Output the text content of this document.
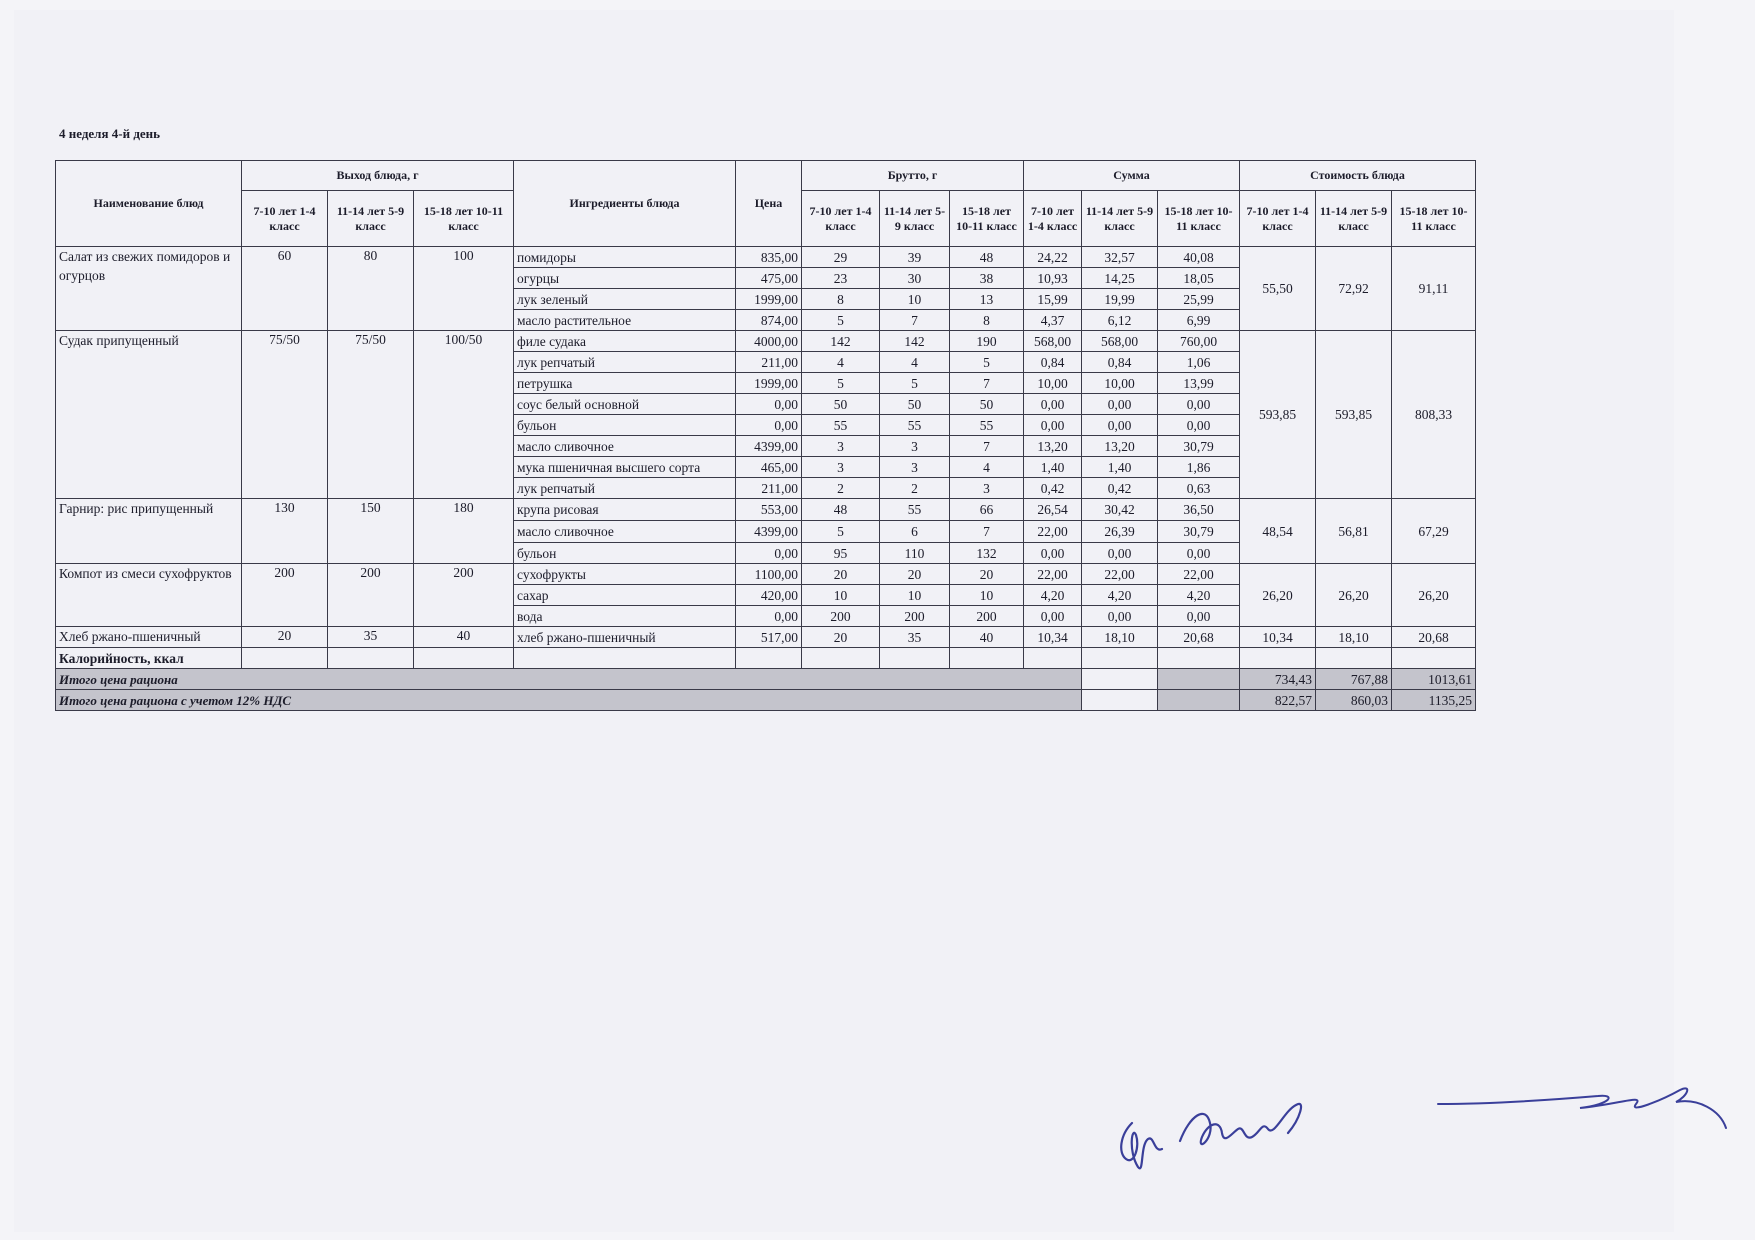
4 неделя 4-й день
Наименование блюд	Выход блюда, г			Ингредиенты блюда	Цена	Брутто, г			Сумма			Стоимость блюда		
	7-10 лет 1-4 класс	11-14 лет 5-9 класс	15-18 лет 10-11 класс			7-10 лет 1-4 класс	11-14 лет 5-9 класс	15-18 лет 10-11 класс	7-10 лет 1-4 класс	11-14 лет 5-9 класс	15-18 лет 10-11 класс	7-10 лет 1-4 класс	11-14 лет 5-9 класс	15-18 лет 10-11 класс
Салат из свежих помидоров и огурцов	60	80	100	помидоры	835,00	29	39	48	24,22	32,57	40,08	55,50	72,92	91,11
				огурцы	475,00	23	30	38	10,93	14,25	18,05			
				лук зеленый	1999,00	8	10	13	15,99	19,99	25,99			
				масло растительное	874,00	5	7	8	4,37	6,12	6,99			
Судак припущенный	75/50	75/50	100/50	филе судака	4000,00	142	142	190	568,00	568,00	760,00	593,85	593,85	808,33
				лук репчатый	211,00	4	4	5	0,84	0,84	1,06			
				петрушка	1999,00	5	5	7	10,00	10,00	13,99			
				соус белый основной	0,00	50	50	50	0,00	0,00	0,00			
				бульон	0,00	55	55	55	0,00	0,00	0,00			
				масло сливочное	4399,00	3	3	7	13,20	13,20	30,79			
				мука пшеничная высшего сорта	465,00	3	3	4	1,40	1,40	1,86			
				лук репчатый	211,00	2	2	3	0,42	0,42	0,63			
Гарнир: рис припущенный	130	150	180	крупа рисовая	553,00	48	55	66	26,54	30,42	36,50	48,54	56,81	67,29
				масло сливочное	4399,00	5	6	7	22,00	26,39	30,79			
				бульон	0,00	95	110	132	0,00	0,00	0,00			
Компот из смеси сухофруктов	200	200	200	сухофрукты	1100,00	20	20	20	22,00	22,00	22,00	26,20	26,20	26,20
				сахар	420,00	10	10	10	4,20	4,20	4,20			
				вода	0,00	200	200	200	0,00	0,00	0,00			
Хлеб ржано-пшеничный	20	35	40	хлеб ржано-пшеничный	517,00	20	35	40	10,34	18,10	20,68	10,34	18,10	20,68
Калорийность, ккал														
Итого цена рациона												734,43	767,88	1013,61
Итого цена рациона с учетом 12% НДС												822,57	860,03	1135,25
